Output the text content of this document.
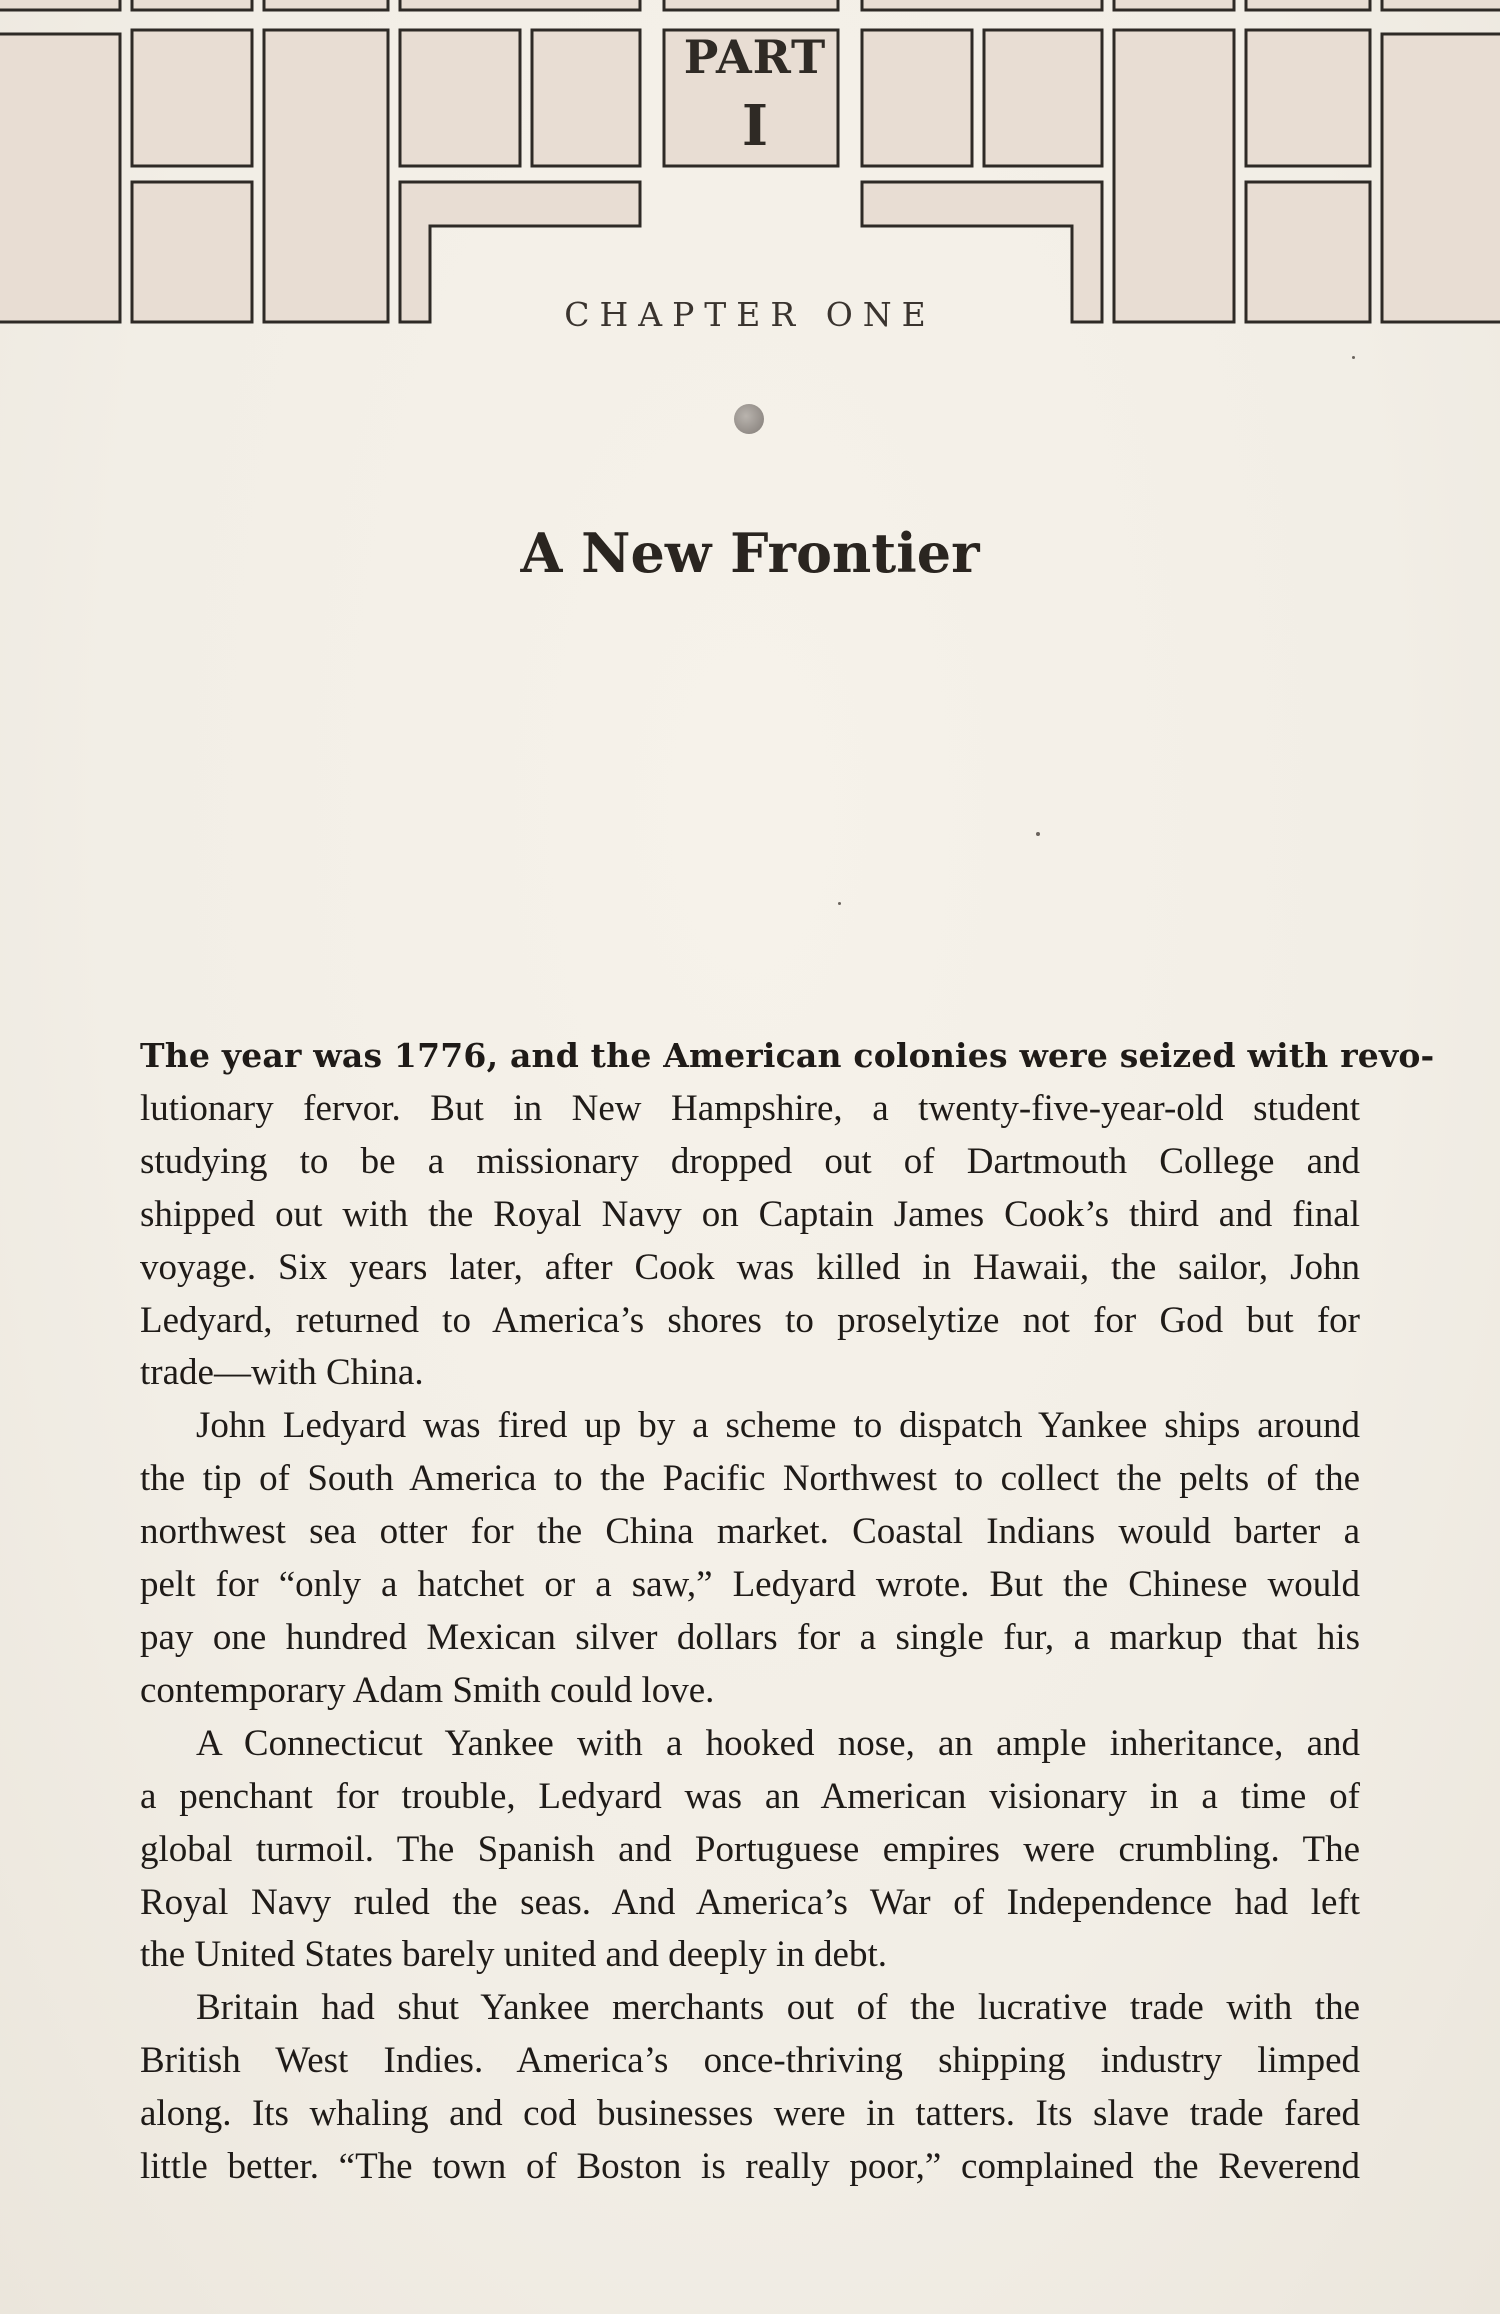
PART
I
CHAPTER ONE
A New Frontier
The year was 1776, and the American colonies were seized with revo-
lutionary fervor. But in New Hampshire, a twenty-five-year-old student
studying to be a missionary dropped out of Dartmouth College and
shipped out with the Royal Navy on Captain James Cook’s third and final
voyage. Six years later, after Cook was killed in Hawaii, the sailor, John
Ledyard, returned to America’s shores to proselytize not for God but for
trade—with China.
John Ledyard was fired up by a scheme to dispatch Yankee ships around
the tip of South America to the Pacific Northwest to collect the pelts of the
northwest sea otter for the China market. Coastal Indians would barter a
pelt for “only a hatchet or a saw,” Ledyard wrote. But the Chinese would
pay one hundred Mexican silver dollars for a single fur, a markup that his
contemporary Adam Smith could love.
A Connecticut Yankee with a hooked nose, an ample inheritance, and
a penchant for trouble, Ledyard was an American visionary in a time of
global turmoil. The Spanish and Portuguese empires were crumbling. The
Royal Navy ruled the seas. And America’s War of Independence had left
the United States barely united and deeply in debt.
Britain had shut Yankee merchants out of the lucrative trade with the
British West Indies. America’s once-thriving shipping industry limped
along. Its whaling and cod businesses were in tatters. Its slave trade fared
little better. “The town of Boston is really poor,” complained the Reverend
